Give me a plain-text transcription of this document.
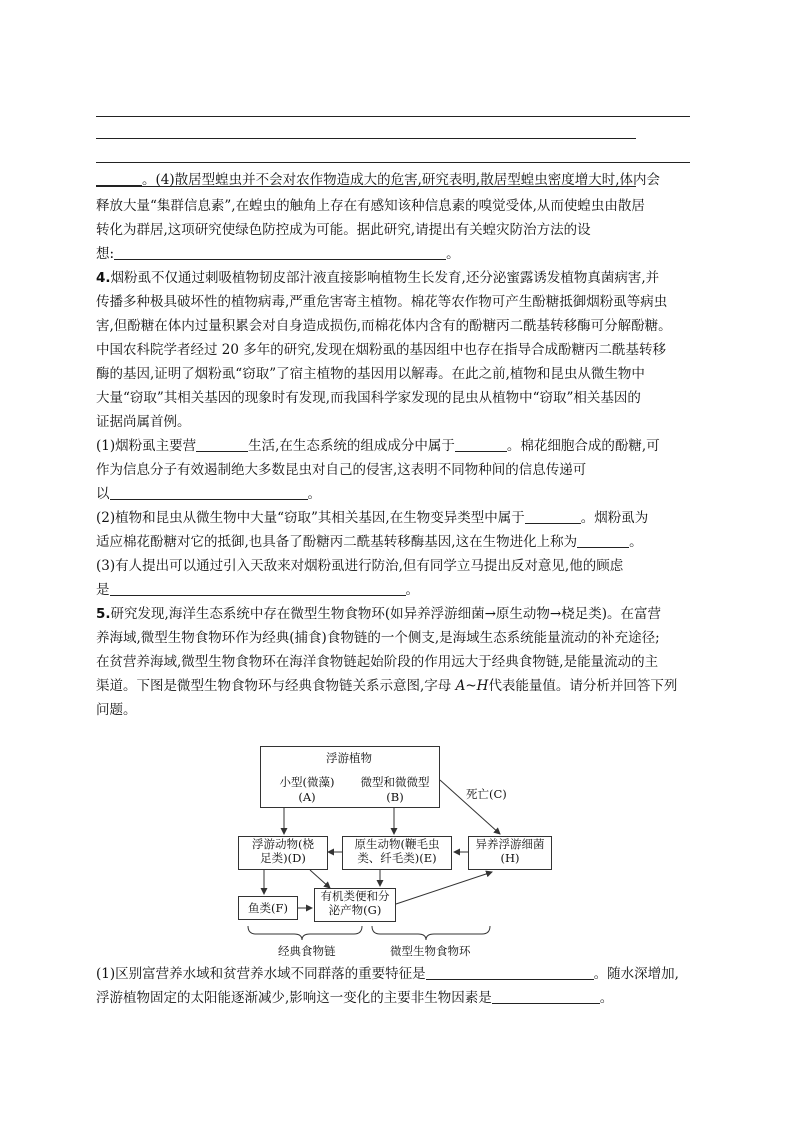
。(4)散居型蝗虫并不会对农作物造成大的危害,研究表明,散居型蝗虫密度增大时,体内会
释放大量“集群信息素”,在蝗虫的触角上存在有感知该种信息素的嗅觉受体,从而使蝗虫由散居
转化为群居,这项研究使绿色防控成为可能。据此研究,请提出有关蝗灾防治方法的设
想:	。
4.烟粉虱不仅通过刺吸植物韧皮部汁液直接影响植物生长发育,还分泌蜜露诱发植物真菌病害,并
传播多种极具破坏性的植物病毒,严重危害寄主植物。棉花等农作物可产生酚糖抵御烟粉虱等病虫
害,但酚糖在体内过量积累会对自身造成损伤,而棉花体内含有的酚糖丙二酰基转移酶可分解酚糖。
中国农科院学者经过 20 多年的研究,发现在烟粉虱的基因组中也存在指导合成酚糖丙二酰基转移
酶的基因,证明了烟粉虱“窃取”了宿主植物的基因用以解毒。在此之前,植物和昆虫从微生物中
大量“窃取”其相关基因的现象时有发现,而我国科学家发现的昆虫从植物中“窃取”相关基因的
证据尚属首例。
(1)烟粉虱主要营	生活,在生态系统的组成成分中属于	。棉花细胞合成的酚糖,可
作为信息分子有效遏制绝大多数昆虫对自己的侵害,这表明不同物种间的信息传递可
以	。
(2)植物和昆虫从微生物中大量“窃取”其相关基因,在生物变异类型中属于	。烟粉虱为
适应棉花酚糖对它的抵御,也具备了酚糖丙二酰基转移酶基因,这在生物进化上称为	。
(3)有人提出可以通过引入天敌来对烟粉虱进行防治,但有同学立马提出反对意见,他的顾虑
是	。
5.研究发现,海洋生态系统中存在微型生物食物环(如异养浮游细菌→原生动物→桡足类)。在富营
养海域,微型生物食物环作为经典(捕食)食物链的一个侧支,是海域生态系统能量流动的补充途径;
在贫营养海域,微型生物食物环在海洋食物链起始阶段的作用远大于经典食物链,是能量流动的主
渠道。下图是微型生物食物环与经典食物链关系示意图,字母 A~H代表能量值。请分析并回答下列
问题。
浮游植物
小型(微藻)
(A)
微型和微微型
(B)	死亡(C)
浮游动物(桡
足类)(D)
原生动物(鞭毛虫
类、纤毛类)(E)
异养浮游细菌
(H)
鱼类(F)
有机类便和分
泌产物(G)
经典食物链	微型生物食物环
(1)区别富营养水域和贫营养水域不同群落的重要特征是	。随水深增加,
浮游植物固定的太阳能逐渐减少,影响这一变化的主要非生物因素是	。
